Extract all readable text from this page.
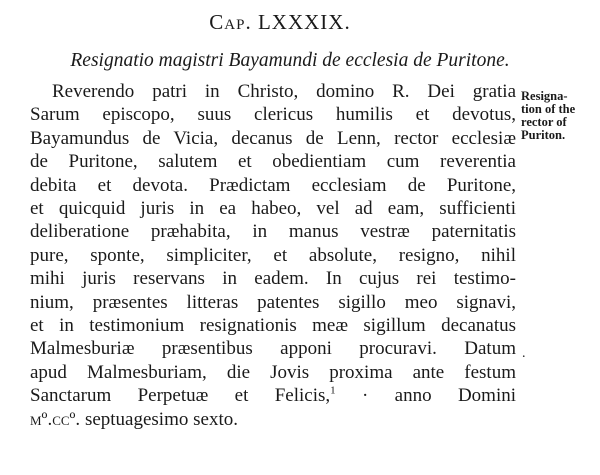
Cap. LXXXIX.
Resignatio magistri Bayamundi de ecclesia de Puritone.
Reverendo patri in Christo, domino R. Dei gratia
Sarum episcopo, suus clericus humilis et devotus,
Bayamundus de Vicia, decanus de Lenn, rector ecclesiæ
de Puritone, salutem et obedientiam cum reverentia
debita et devota. Prædictam ecclesiam de Puritone,
et quicquid juris in ea habeo, vel ad eam, sufficienti
deliberatione præhabita, in manus vestræ paternitatis
pure, sponte, simpliciter, et absolute, resigno, nihil
mihi juris reservans in eadem. In cujus rei testimo-
nium, præsentes litteras patentes sigillo meo signavi,
et in testimonium resignationis meæ sigillum decanatus
Malmesburiæ præsentibus apponi procuravi. Datum
apud Malmesburiam, die Jovis proxima ante festum
Sanctarum Perpetuæ et Felicis,$^1$ · anno Domini
mº.ccº. septuagesimo sexto.
Resigna-
tion of the
rector of
Puriton.
.
